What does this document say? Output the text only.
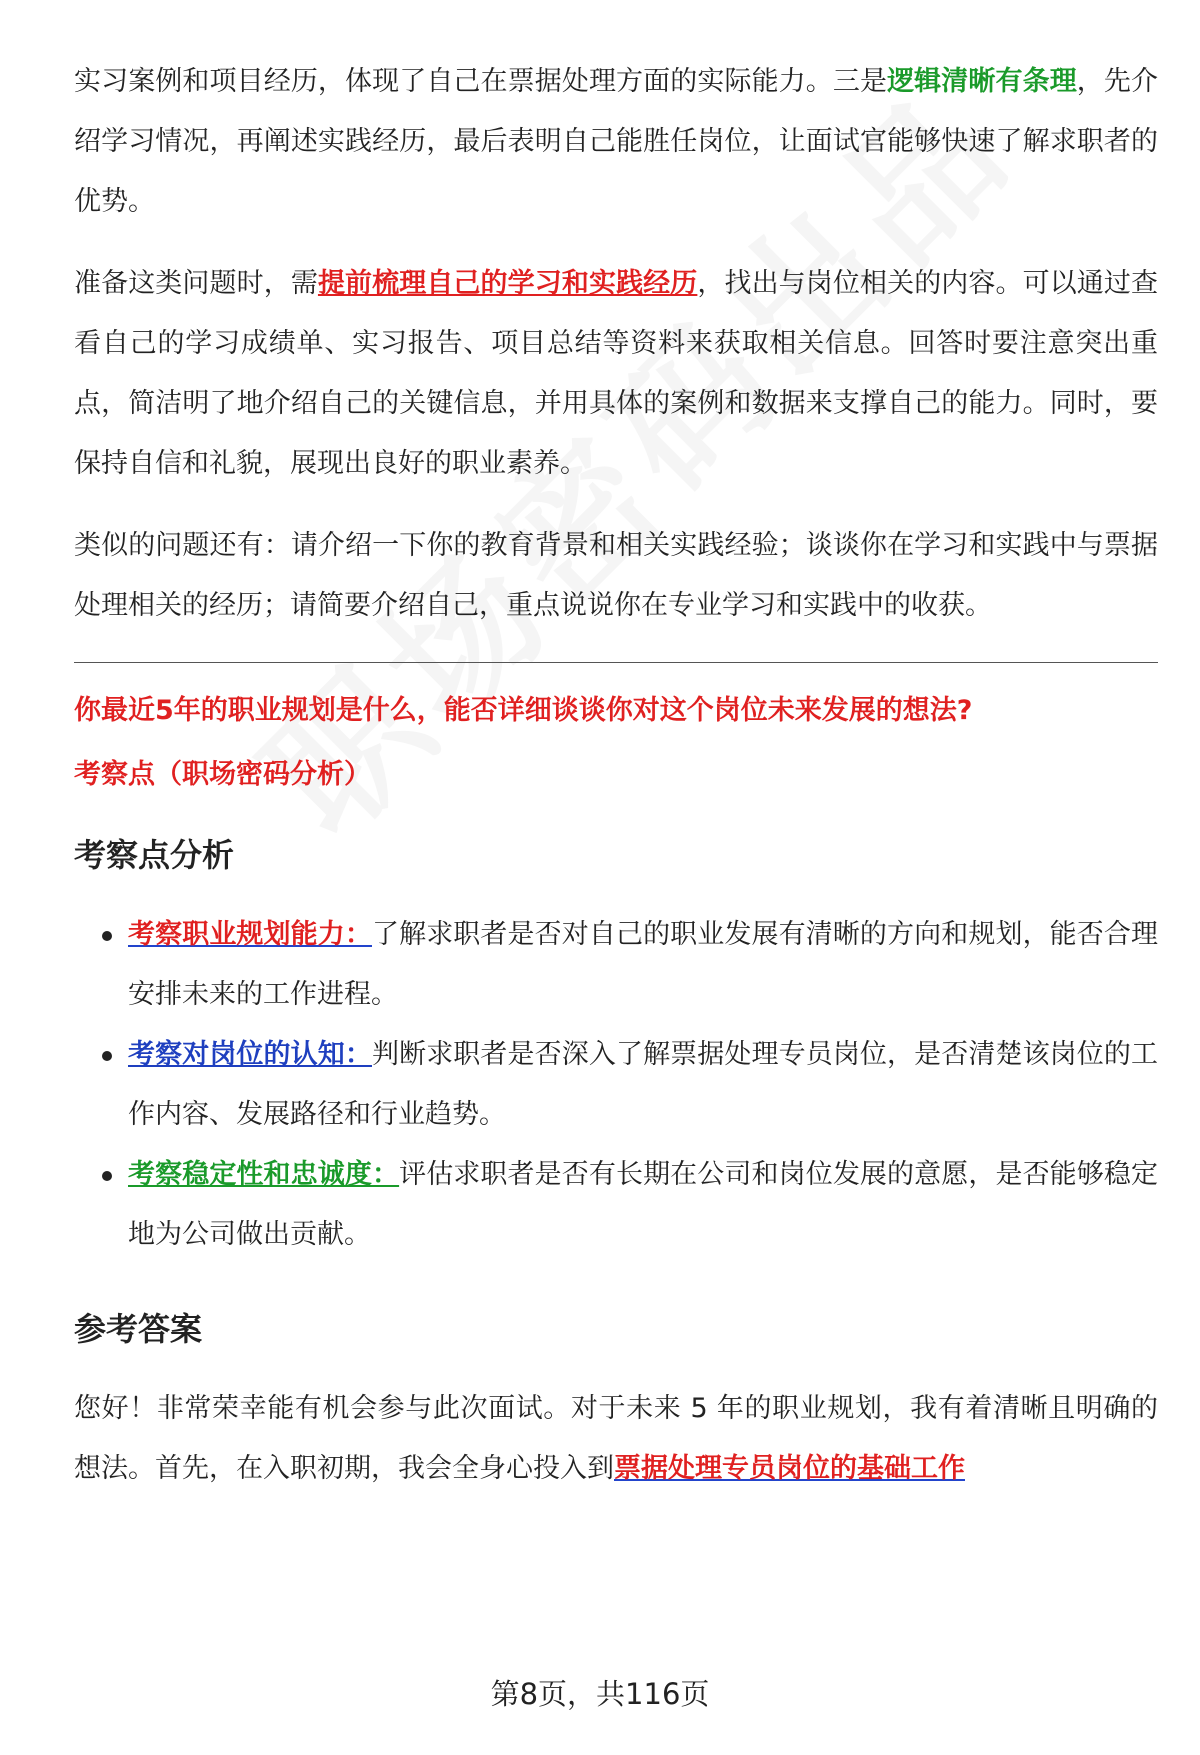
实习案例和项目经历，体现了自己在票据处理方面的实际能力。三是逻辑清晰有条理，先介绍学习情况，再阐述实践经历，最后表明自己能胜任岗位，让面试官能够快速了解求职者的优势。

准备这类问题时，需提前梳理自己的学习和实践经历，找出与岗位相关的内容。可以通过查看自己的学习成绩单、实习报告、项目总结等资料来获取相关信息。回答时要注意突出重点，简洁明了地介绍自己的关键信息，并用具体的案例和数据来支撑自己的能力。同时，要保持自信和礼貌，展现出良好的职业素养。

类似的问题还有：请介绍一下你的教育背景和相关实践经验；谈谈你在学习和实践中与票据处理相关的经历；请简要介绍自己，重点说说你在专业学习和实践中的收获。

你最近5年的职业规划是什么，能否详细谈谈你对这个岗位未来发展的想法?

考察点（职场密码分析）

考察点分析
考察职业规划能力：了解求职者是否对自己的职业发展有清晰的方向和规划，能否合理安排未来的工作进程。
考察对岗位的认知：判断求职者是否深入了解票据处理专员岗位，是否清楚该岗位的工作内容、发展路径和行业趋势。
考察稳定性和忠诚度：评估求职者是否有长期在公司和岗位发展的意愿，是否能够稳定地为公司做出贡献。
参考答案

您好！非常荣幸能有机会参与此次面试。对于未来 5 年的职业规划，我有着清晰且明确的想法。首先，在入职初期，我会全身心投入到票据处理专员岗位的基础工作

第8页，共116页
